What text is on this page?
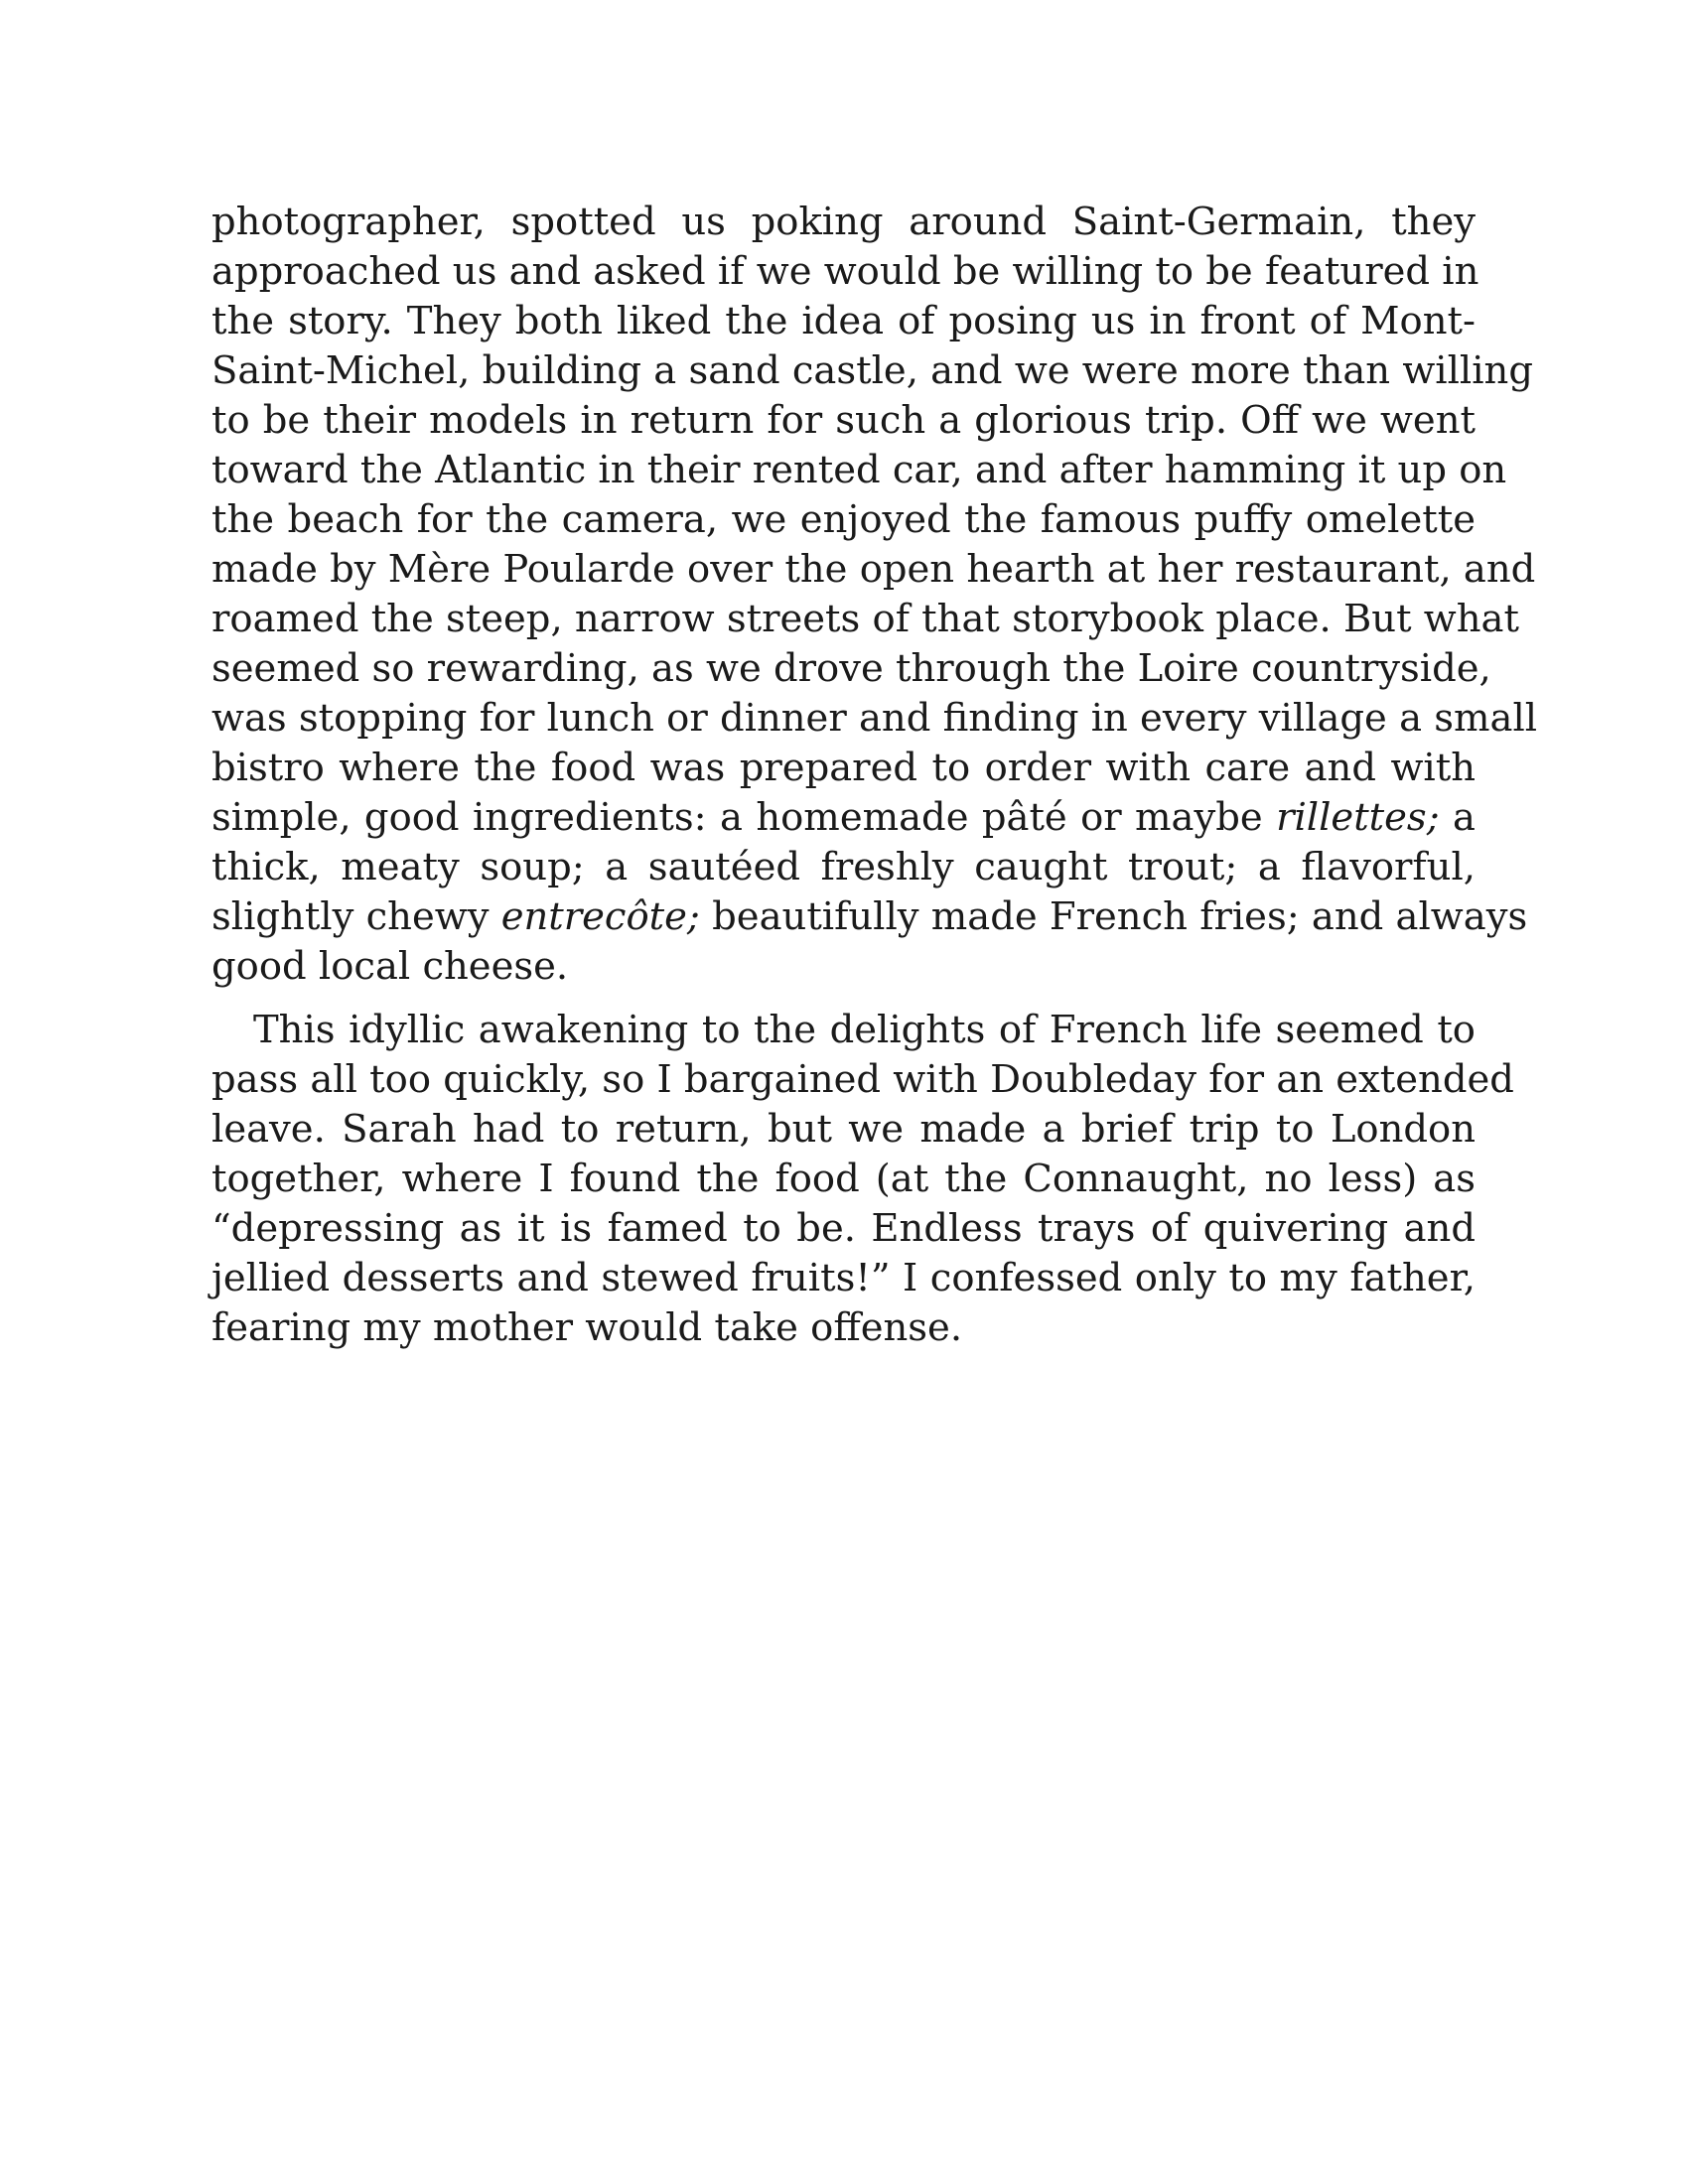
photographer, spotted us poking around Saint-Germain, they
approached us and asked if we would be willing to be featured in
the story. They both liked the idea of posing us in front of Mont-
Saint-Michel, building a sand castle, and we were more than willing
to be their models in return for such a glorious trip. Off we went
toward the Atlantic in their rented car, and after hamming it up on
the beach for the camera, we enjoyed the famous puffy omelette
made by Mère Poularde over the open hearth at her restaurant, and
roamed the steep, narrow streets of that storybook place. But what
seemed so rewarding, as we drove through the Loire countryside,
was stopping for lunch or dinner and finding in every village a small
bistro where the food was prepared to order with care and with
simple, good ingredients: a homemade pâté or maybe rillettes; a
thick, meaty soup; a sautéed freshly caught trout; a flavorful,
slightly chewy entrecôte; beautifully made French fries; and always
good local cheese.
This idyllic awakening to the delights of French life seemed to
pass all too quickly, so I bargained with Doubleday for an extended
leave. Sarah had to return, but we made a brief trip to London
together, where I found the food (at the Connaught, no less) as
“depressing as it is famed to be. Endless trays of quivering and
jellied desserts and stewed fruits!” I confessed only to my father,
fearing my mother would take offense.
